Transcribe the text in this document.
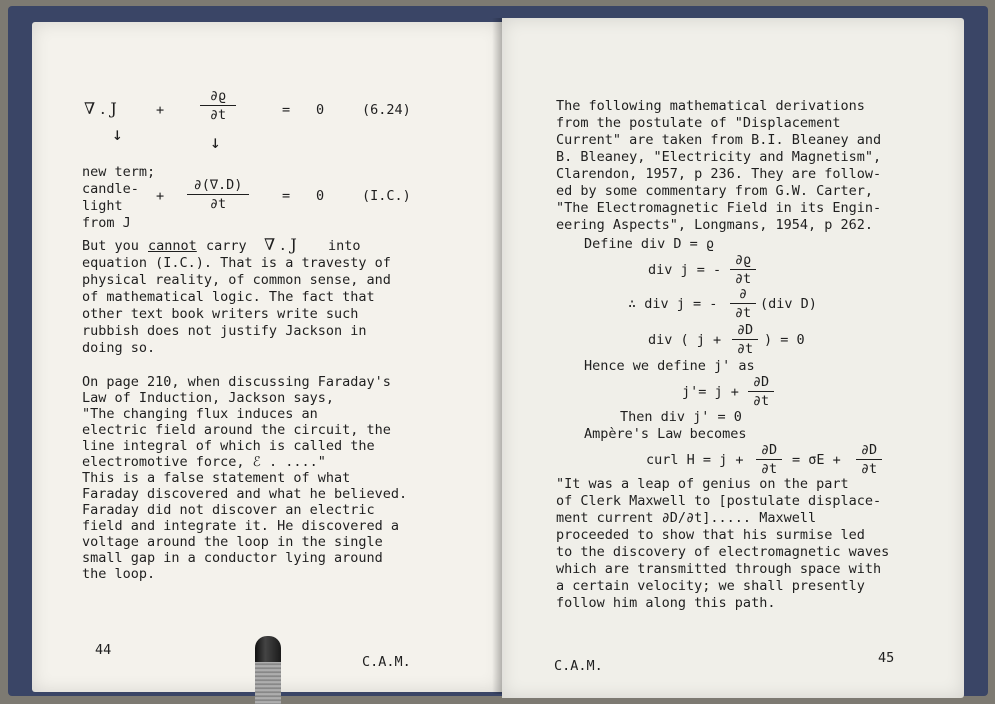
∇ . J	+
∂ϱ
∂t	= 0	(6.24)
↓	↓
new term;
candle-
light
from J
+
∂(∇.D)
∂t	= 0	(I.C.)
But you cannot carry ∇ . J into
equation (I.C.). That is a travesty of
physical reality, of common sense, and
of mathematical logic. The fact that
other text book writers write such
rubbish does not justify Jackson in
doing so.
On page 210, when discussing Faraday's
Law of Induction, Jackson says,
"The changing flux induces an
electric field around the circuit, the
line integral of which is called the
electromotive force, ℰ . ...."
This is a false statement of what
Faraday discovered and what he believed.
Faraday did not discover an electric
field and integrate it. He discovered a
voltage around the loop in the single
small gap in a conductor lying around
the loop.
44
C.A.M.
The following mathematical derivations
from the postulate of "Displacement
Current" are taken from B.I. Bleaney and
B. Bleaney, "Electricity and Magnetism",
Clarendon, 1957, p 236. They are follow-
ed by some commentary from G.W. Carter,
"The Electromagnetic Field in its Engin-
eering Aspects", Longmans, 1954, p 262.
Define div D = ϱ
div j = -
∂ϱ
∂t
∴ div j = -
∂
∂t
(div D)
div ( j +
∂D
∂t
) = 0
Hence we define j' as
j'= j +
∂D
∂t
Then div j' = 0
Ampère's Law becomes
curl H = j +
∂D
∂t
= σE +
∂D
∂t
"It was a leap of genius on the part
of Clerk Maxwell to [postulate displace-
ment current ∂D/∂t]..... Maxwell
proceeded to show that his surmise led
to the discovery of electromagnetic waves
which are transmitted through space with
a certain velocity; we shall presently
follow him along this path.
C.A.M.	45
